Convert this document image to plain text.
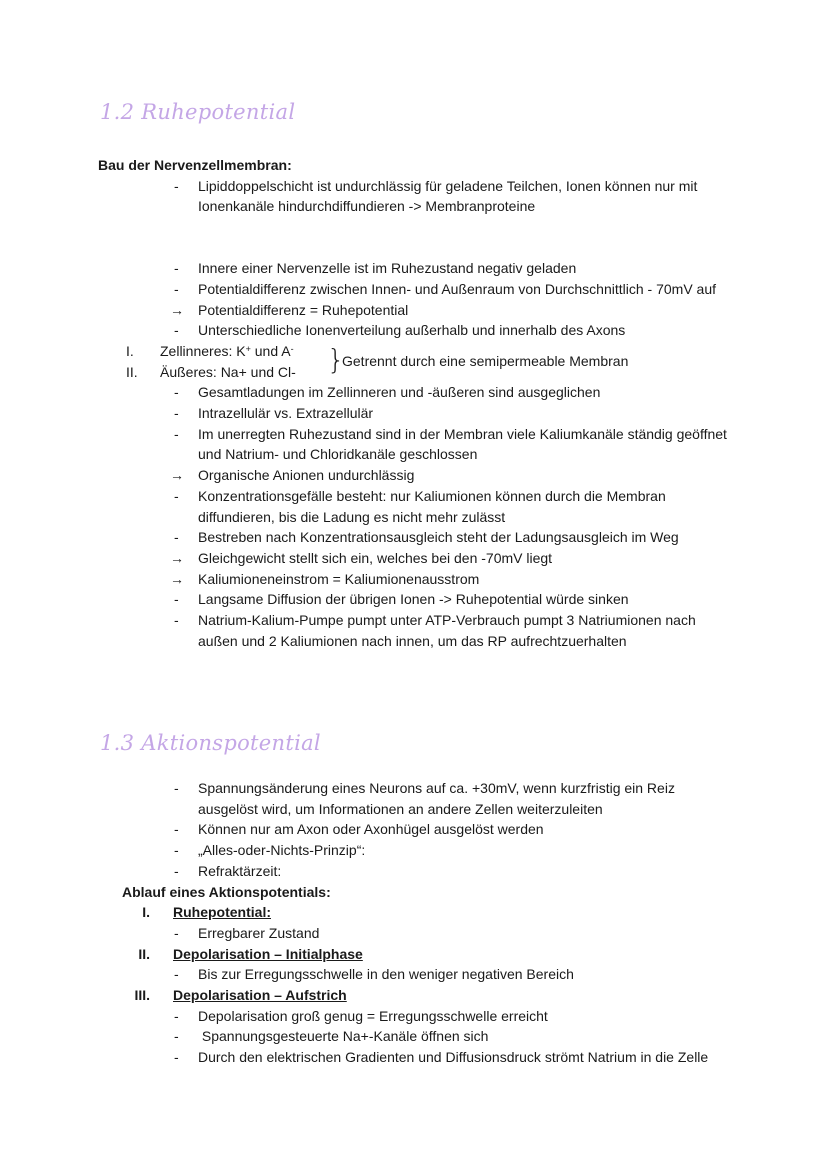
1.2 Ruhepotential
Bau der Nervenzellmembran:
-	Lipiddoppelschicht ist undurchlässig für geladene Teilchen, Ionen können nur mit Ionenkanäle hindurchdiffundieren -> Membranproteine
-	Innere einer Nervenzelle ist im Ruhezustand negativ geladen
-	Potentialdifferenz zwischen Innen- und Außenraum von Durchschnittlich - 70mV auf
→ Potentialdifferenz = Ruhepotential
-	Unterschiedliche Ionenverteilung außerhalb und innerhalb des Axons
I.	Zellinneres: K+ und A-
II.	Äußeres: Na+ und Cl-	}
Getrennt durch eine semipermeable Membran
-	Gesamtladungen im Zellinneren und -äußeren sind ausgeglichen
-	Intrazellulär vs. Extrazellulär
-	Im unerregten Ruhezustand sind in der Membran viele Kaliumkanäle ständig geöffnet und Natrium- und Chloridkanäle geschlossen
→ Organische Anionen undurchlässig
-	Konzentrationsgefälle besteht: nur Kaliumionen können durch die Membran diffundieren, bis die Ladung es nicht mehr zulässt
-	Bestreben nach Konzentrationsausgleich steht der Ladungsausgleich im Weg
→ Gleichgewicht stellt sich ein, welches bei den -70mV liegt
→ Kaliumioneneinstrom = Kaliumionenausstrom
-	Langsame Diffusion der übrigen Ionen -> Ruhepotential würde sinken
-	Natrium-Kalium-Pumpe pumpt unter ATP-Verbrauch pumpt 3 Natriumionen nach außen und 2 Kaliumionen nach innen, um das RP aufrechtzuerhalten
1.3 Aktionspotential
-	Spannungsänderung eines Neurons auf ca. +30mV, wenn kurzfristig ein Reiz ausgelöst wird, um Informationen an andere Zellen weiterzuleiten
-	Können nur am Axon oder Axonhügel ausgelöst werden
-	„Alles-oder-Nichts-Prinzip“:
-	Refraktärzeit:
Ablauf eines Aktionspotentials:
I.	Ruhepotential:
-	Erregbarer Zustand
II.	Depolarisation – Initialphase
-	Bis zur Erregungsschwelle in den weniger negativen Bereich
III.	Depolarisation – Aufstrich
-	Depolarisation groß genug = Erregungsschwelle erreicht
-	Spannungsgesteuerte Na+-Kanäle öffnen sich
-	Durch den elektrischen Gradienten und Diffusionsdruck strömt Natrium in die Zelle
